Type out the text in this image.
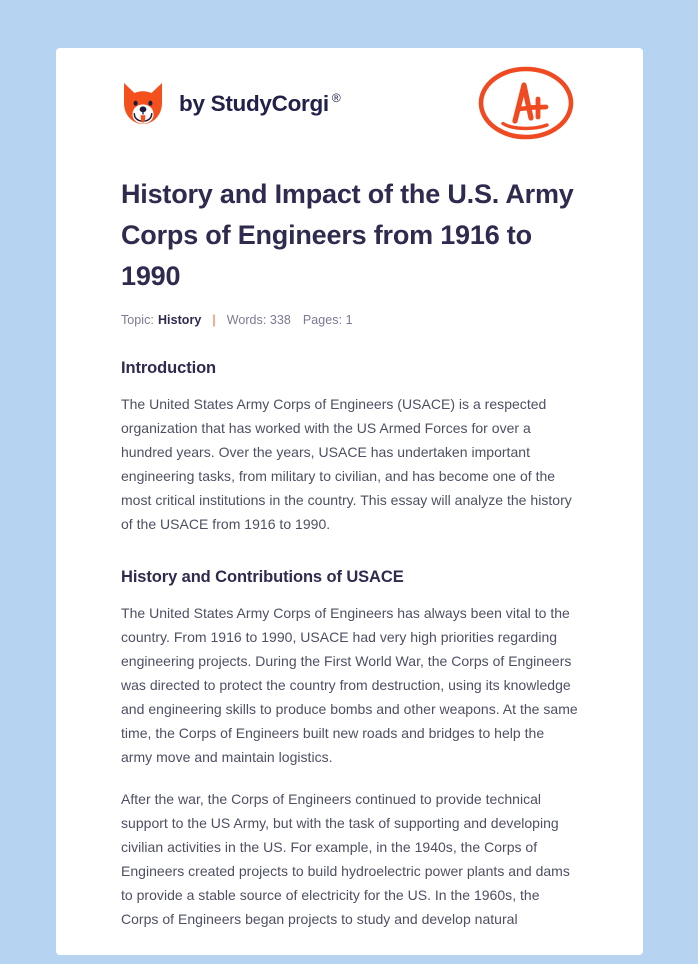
by
StudyCorgi ®
History and Impact of the U.S. Army Corps of Engineers from 1916 to 1990
Topic: History | Words: 338 Pages: 1
Introduction

The United States Army Corps of Engineers (USACE) is a respected organization that has worked with the US Armed Forces for over a hundred years. Over the years, USACE has undertaken important engineering tasks, from military to civilian, and has become one of the most critical institutions in the country. This essay will analyze the history of the USACE from 1916 to 1990.

History and Contributions of USACE

The United States Army Corps of Engineers has always been vital to the country. From 1916 to 1990, USACE had very high priorities regarding engineering projects. During the First World War, the Corps of Engineers was directed to protect the country from destruction, using its knowledge and engineering skills to produce bombs and other weapons. At the same time, the Corps of Engineers built new roads and bridges to help the army move and maintain logistics.

After the war, the Corps of Engineers continued to provide technical support to the US Army, but with the task of supporting and developing civilian activities in the US. For example, in the 1940s, the Corps of Engineers created projects to build hydroelectric power plants and dams to provide a stable source of electricity for the US. In the 1960s, the Corps of Engineers began projects to study and develop natural
